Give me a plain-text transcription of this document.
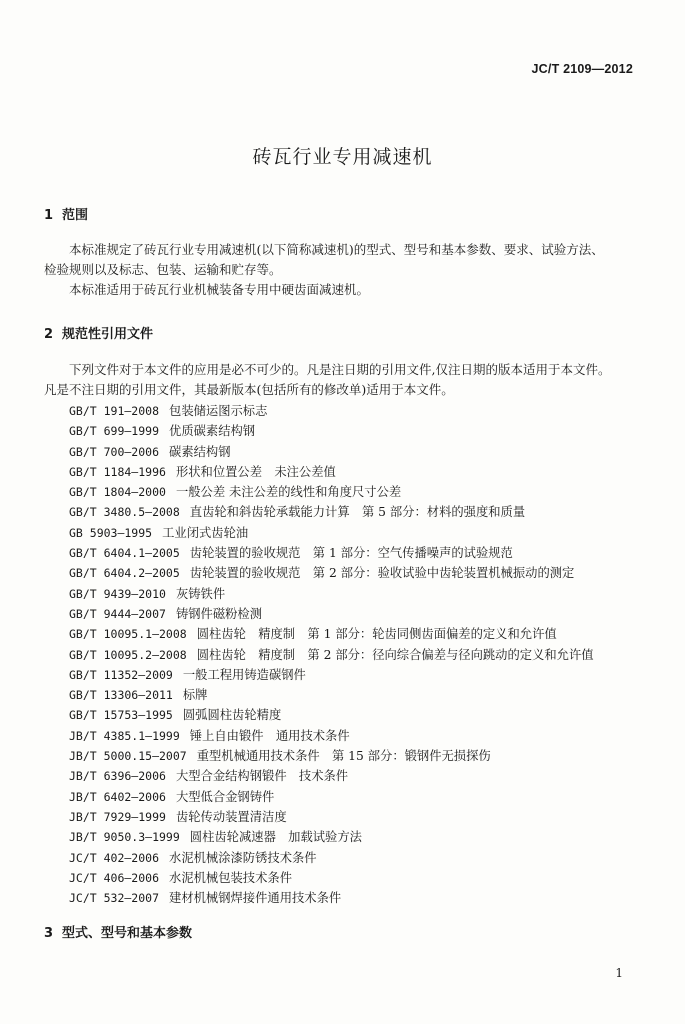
JC/T 2109—2012
砖瓦行业专用减速机
1 范围
本标准规定了砖瓦行业专用减速机(以下简称减速机)的型式、型号和基本参数、要求、试验方法、
检验规则以及标志、包装、运输和贮存等。
本标准适用于砖瓦行业机械装备专用中硬齿面减速机。
2 规范性引用文件
下列文件对于本文件的应用是必不可少的。凡是注日期的引用文件,仅注日期的版本适用于本文件。
凡是不注日期的引用文件，其最新版本(包括所有的修改单)适用于本文件。
GB/T 191—2008 包装储运图示标志
GB/T 699—1999 优质碳素结构钢
GB/T 700—2006 碳素结构钢
GB/T 1184—1996 形状和位置公差　未注公差值
GB/T 1804—2000 一般公差 未注公差的线性和角度尺寸公差
GB/T 3480.5—2008 直齿轮和斜齿轮承载能力计算　第 5 部分：材料的强度和质量
GB 5903—1995 工业闭式齿轮油
GB/T 6404.1—2005 齿轮装置的验收规范　第 1 部分：空气传播噪声的试验规范
GB/T 6404.2—2005 齿轮装置的验收规范　第 2 部分：验收试验中齿轮装置机械振动的测定
GB/T 9439—2010 灰铸铁件
GB/T 9444—2007 铸钢件磁粉检测
GB/T 10095.1—2008 圆柱齿轮　精度制　第 1 部分：轮齿同侧齿面偏差的定义和允许值
GB/T 10095.2—2008 圆柱齿轮　精度制　第 2 部分：径向综合偏差与径向跳动的定义和允许值
GB/T 11352—2009 一般工程用铸造碳钢件
GB/T 13306—2011 标牌
GB/T 15753—1995 圆弧圆柱齿轮精度
JB/T 4385.1—1999 锤上自由锻件　通用技术条件
JB/T 5000.15—2007 重型机械通用技术条件　第 15 部分：锻钢件无损探伤
JB/T 6396—2006 大型合金结构钢锻件　技术条件
JB/T 6402—2006 大型低合金钢铸件
JB/T 7929—1999 齿轮传动装置清洁度
JB/T 9050.3—1999 圆柱齿轮减速器　加载试验方法
JC/T 402—2006 水泥机械涂漆防锈技术条件
JC/T 406—2006 水泥机械包装技术条件
JC/T 532—2007 建材机械钢焊接件通用技术条件
3 型式、型号和基本参数
1
